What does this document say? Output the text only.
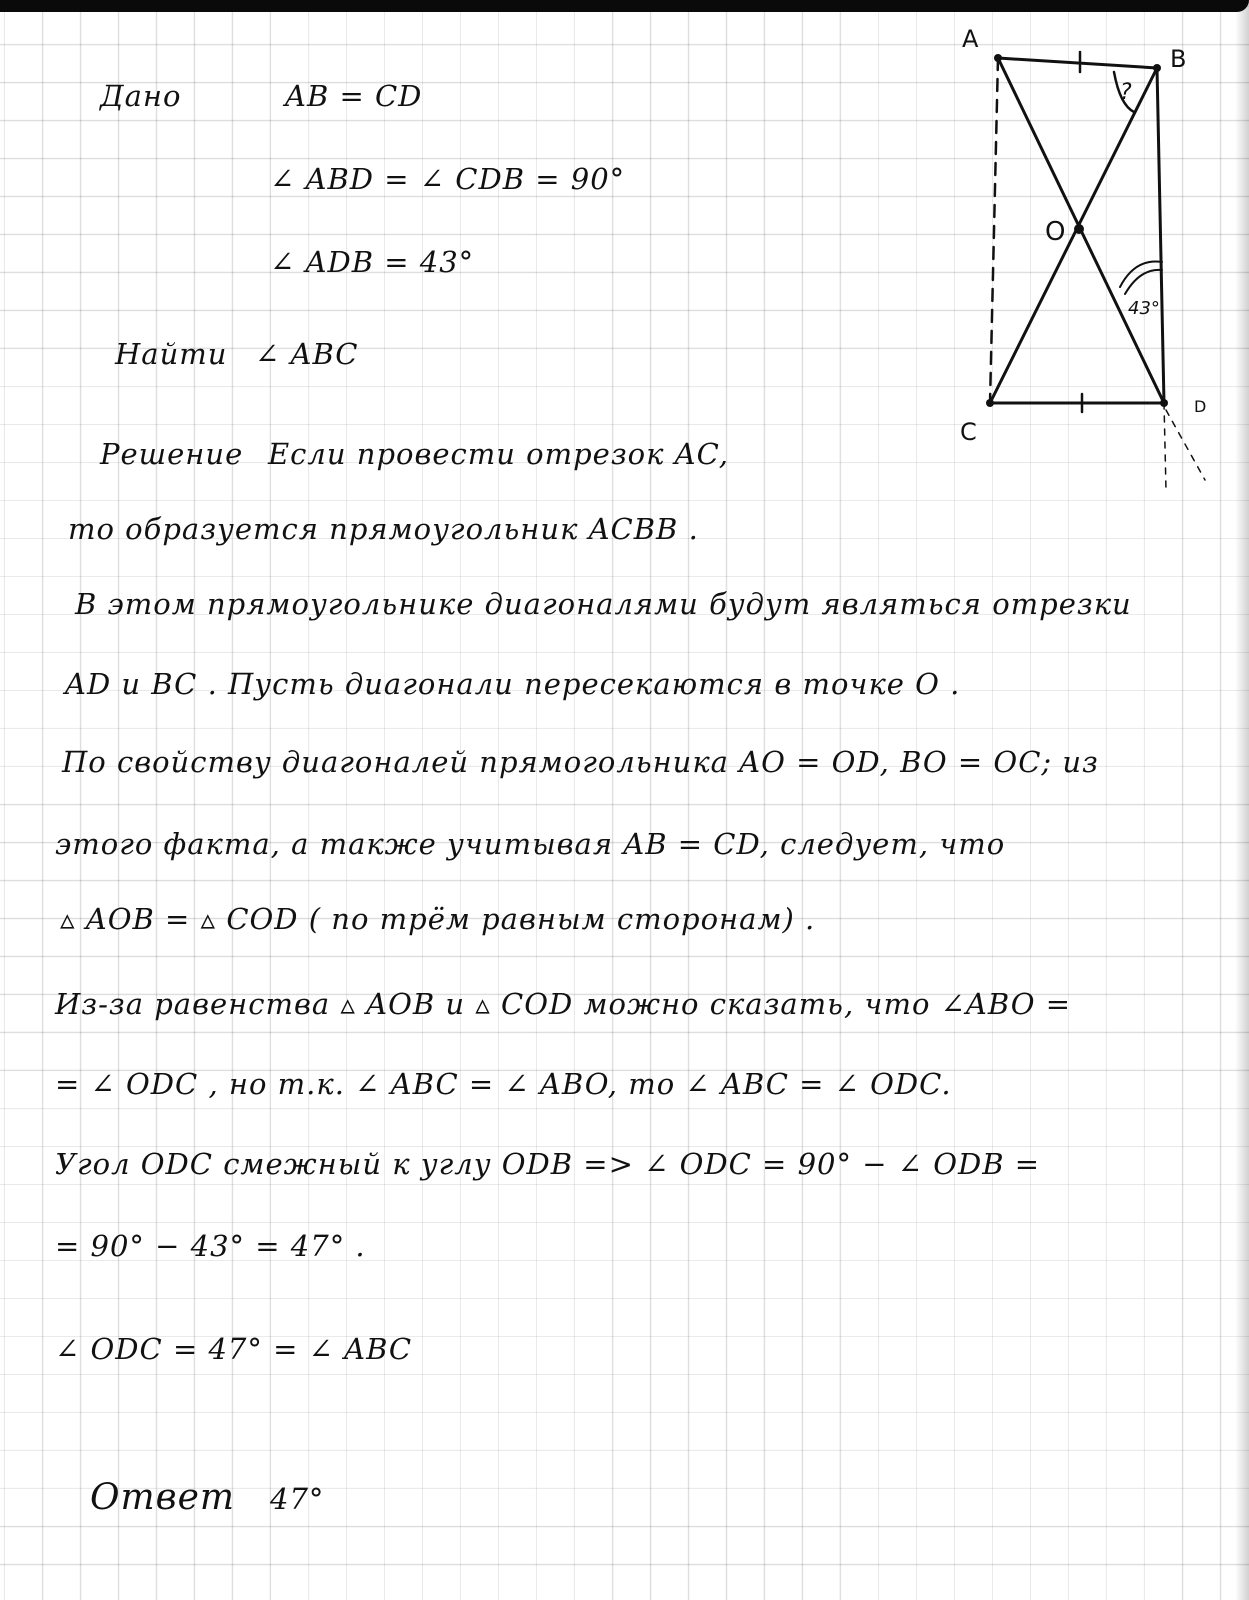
Дано	AB = CD
∠ ABD = ∠ CDB = 90°
∠ ADB = 43°
Найти ∠ ABC
Решение Если провести отрезок AC,
то образуется прямоугольник ACBB .
В этом прямоугольнике диагоналями будут являться отрезки
AD и BC . Пусть диагонали пересекаются в точке O .
По свойству диагоналей прямогольника AO = OD, BO = OC; из
этого факта, а также учитывая AB = CD, следует, что
▵ AOB = ▵ COD ( по трём равным сторонам) .
Из-за равенства ▵ AOB и ▵ COD можно сказать, что ∠ABO =
= ∠ ODC , но т.к. ∠ ABC = ∠ ABO, то ∠ ABC = ∠ ODC.
Угол ODC смежный к углу ODB => ∠ ODC = 90° − ∠ ODB =
= 90° − 43° = 47° .
∠ ODC = 47° = ∠ ABC
Ответ 47°
A
B
C
D
O
?
43°
